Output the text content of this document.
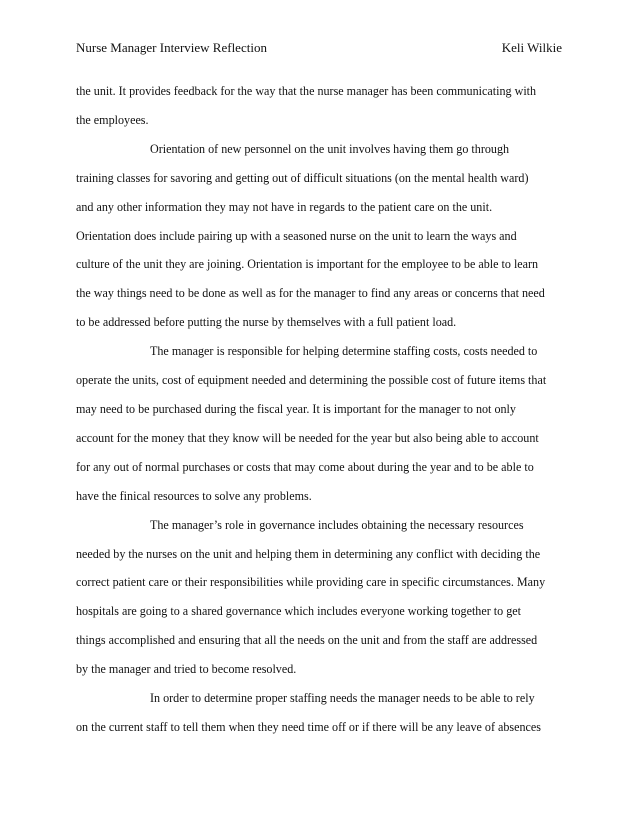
Nurse Manager Interview Reflection	Keli Wilkie
the unit. It provides feedback for the way that the nurse manager has been communicating with
the employees.
Orientation of new personnel on the unit involves having them go through
training classes for savoring and getting out of difficult situations (on the mental health ward)
and any other information they may not have in regards to the patient care on the unit.
Orientation does include pairing up with a seasoned nurse on the unit to learn the ways and
culture of the unit they are joining. Orientation is important for the employee to be able to learn
the way things need to be done as well as for the manager to find any areas or concerns that need
to be addressed before putting the nurse by themselves with a full patient load.
The manager is responsible for helping determine staffing costs, costs needed to
operate the units, cost of equipment needed and determining the possible cost of future items that
may need to be purchased during the fiscal year. It is important for the manager to not only
account for the money that they know will be needed for the year but also being able to account
for any out of normal purchases or costs that may come about during the year and to be able to
have the finical resources to solve any problems.
The manager’s role in governance includes obtaining the necessary resources
needed by the nurses on the unit and helping them in determining any conflict with deciding the
correct patient care or their responsibilities while providing care in specific circumstances. Many
hospitals are going to a shared governance which includes everyone working together to get
things accomplished and ensuring that all the needs on the unit and from the staff are addressed
by the manager and tried to become resolved.
In order to determine proper staffing needs the manager needs to be able to rely
on the current staff to tell them when they need time off or if there will be any leave of absences
